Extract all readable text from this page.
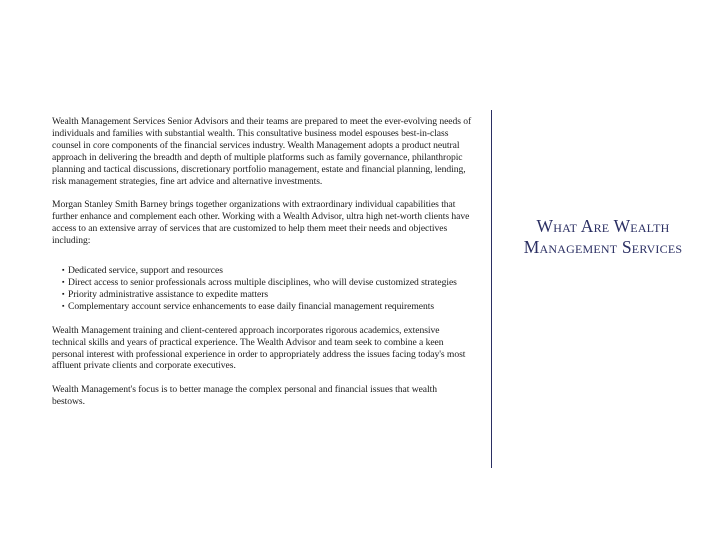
Wealth Management Services Senior Advisors and their teams are prepared to meet the ever-evolving needs of individuals and families with substantial wealth. This consultative business model espouses best-in-class counsel in core components of the financial services industry. Wealth Management adopts a product neutral approach in delivering the breadth and depth of multiple platforms such as family governance, philanthropic planning and tactical discussions, discretionary portfolio management, estate and financial planning, lending, risk management strategies, fine art advice and alternative investments.

Morgan Stanley Smith Barney brings together organizations with extraordinary individual capabilities that further enhance and complement each other. Working with a Wealth Advisor, ultra high net-worth clients have access to an extensive array of services that are customized to help them meet their needs and objectives including:

▪ Dedicated service, support and resources
▪ Direct access to senior professionals across multiple disciplines, who will devise customized strategies
▪ Priority administrative assistance to expedite matters
▪ Complementary account service enhancements to ease daily financial management requirements

Wealth Management training and client-centered approach incorporates rigorous academics, extensive technical skills and years of practical experience. The Wealth Advisor and team seek to combine a keen personal interest with professional experience in order to appropriately address the issues facing today's most affluent private clients and corporate executives.

Wealth Management's focus is to better manage the complex personal and financial issues that wealth bestows.

What Are Wealth Management Services
